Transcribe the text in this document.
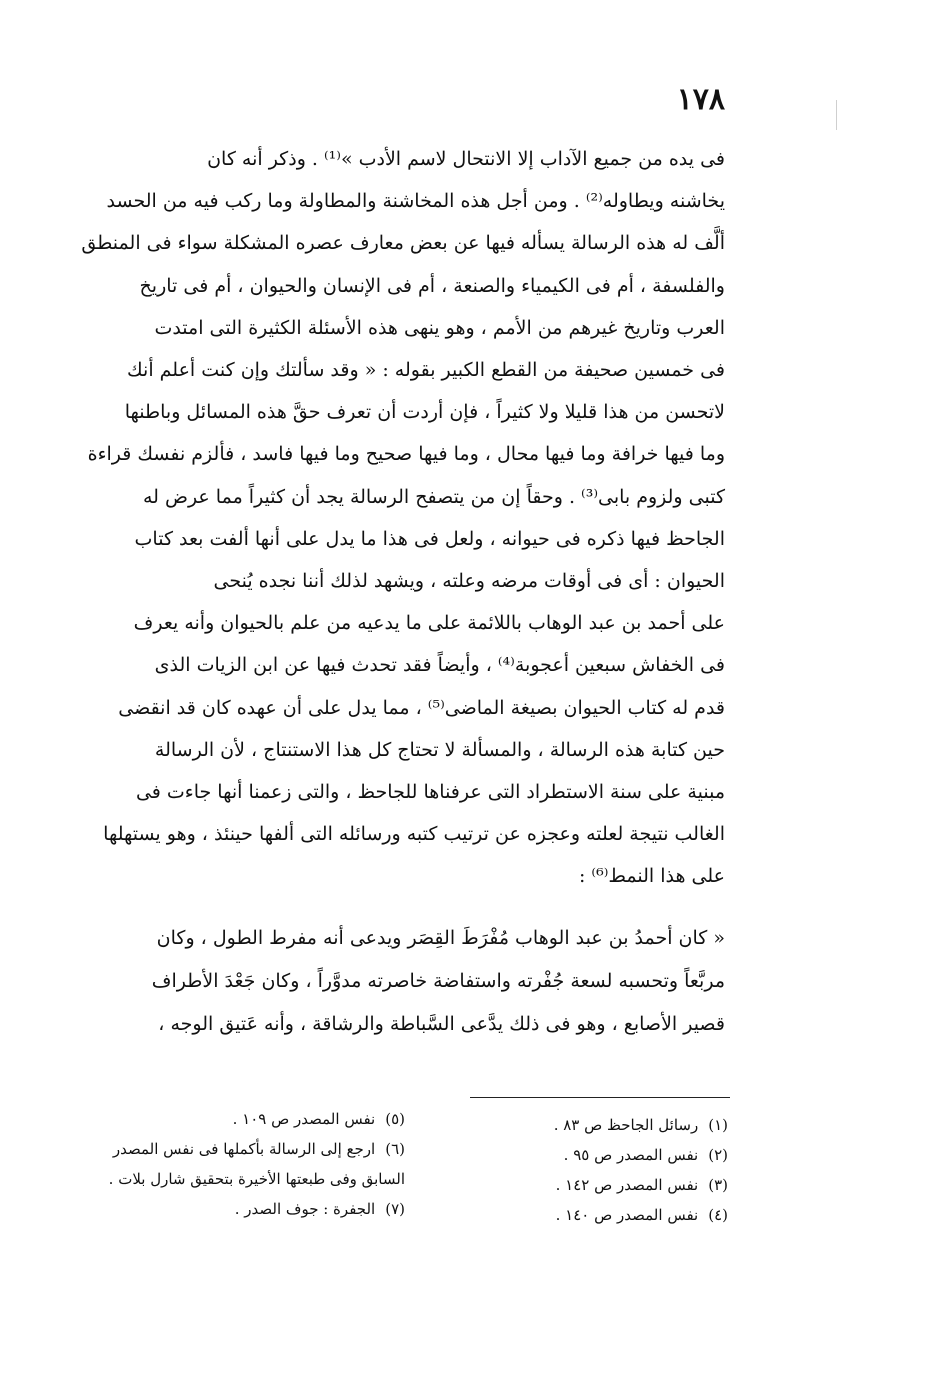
١٧٨

فى يده من جميع الآداب إلا الانتحال لاسم الأدب »⁽¹⁾ . وذكر أنه كان
يخاشنه ويطاوله⁽²⁾ . ومن أجل هذه المخاشنة والمطاولة وما ركب فيه من الحسد
ألَّف له هذه الرسالة يسأله فيها عن بعض معارف عصره المشكلة سواء فى المنطق
والفلسفة ، أم فى الكيمياء والصنعة ، أم فى الإنسان والحيوان ، أم فى تاريخ
العرب وتاريخ غيرهم من الأمم ، وهو ينهى هذه الأسئلة الكثيرة التى امتدت
فى خمسين صحيفة من القطع الكبير بقوله : « وقد سألتك وإن كنت أعلم أنك
لاتحسن من هذا قليلا ولا كثيراً ، فإن أردت أن تعرف حقَّ هذه المسائل وباطنها
وما فيها خرافة وما فيها محال ، وما فيها صحيح وما فيها فاسد ، فألزم نفسك قراءة
كتبى ولزوم بابى⁽³⁾ . وحقاً إن من يتصفح الرسالة يجد أن كثيراً مما عرض له
الجاحظ فيها ذكره فى حيوانه ، ولعل فى هذا ما يدل على أنها ألفت بعد كتاب
الحيوان : أى فى أوقات مرضه وعلته ، ويشهد لذلك أننا نجده يُنحى
على أحمد بن عبد الوهاب باللائمة على ما يدعيه من علم بالحيوان وأنه يعرف
فى الخفاش سبعين أعجوبة⁽⁴⁾ ، وأيضاً فقد تحدث فيها عن ابن الزيات الذى
قدم له كتاب الحيوان بصيغة الماضى⁽⁵⁾ ، مما يدل على أن عهده كان قد انقضى
حين كتابة هذه الرسالة ، والمسألة لا تحتاج كل هذا الاستنتاج ، لأن الرسالة
مبنية على سنة الاستطراد التى عرفناها للجاحظ ، والتى زعمنا أنها جاءت فى
الغالب نتيجة لعلته وعجزه عن ترتيب كتبه ورسائله التى ألفها حينئذ ، وهو يستهلها
على هذا النمط⁽⁶⁾ :

« كان أحمدُ بن عبد الوهاب مُفْرَطَ القِصَر ويدعى أنه مفرط الطول ، وكان
مربَّعاً وتحسبه لسعة جُفْرته واستفاضة خاصرته مدوَّراً ، وكان جَعْدَ الأطراف
قصير الأصابع ، وهو فى ذلك يدَّعى السَّباطة والرشاقة ، وأنه عَتيق الوجه ،

(١)رسائل الجاحظ ص ٨٣ .
(٢)نفس المصدر ص ٩٥ .
(٣)نفس المصدر ص ١٤٢ .
(٤)نفس المصدر ص ١٤٠ .
(٥)نفس المصدر ص ١٠٩ .
(٦)ارجع إلى الرسالة بأكملها فى نفس المصدر
السابق وفى طبعتها الأخيرة بتحقيق شارل بلات .
(٧)الجفرة : جوف الصدر .
